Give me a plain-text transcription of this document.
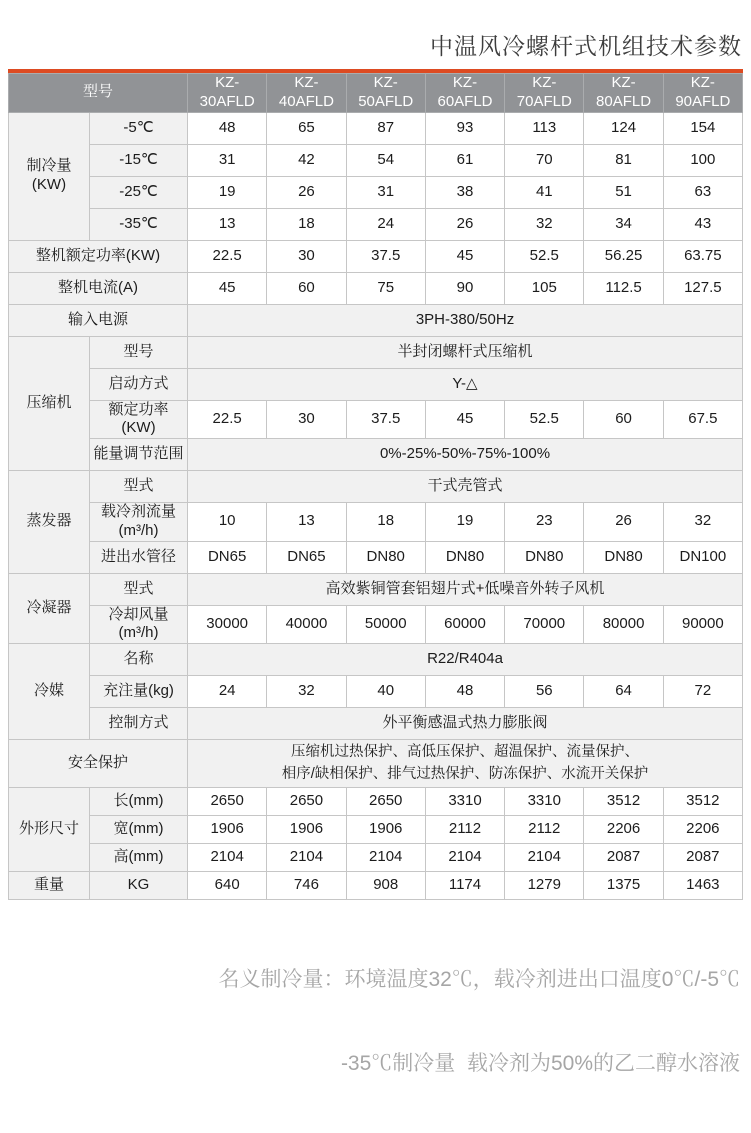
中温风冷螺杆式机组技术参数
型号		KZ-30AFLD	KZ-40AFLD	KZ-50AFLD	KZ-60AFLD	KZ-70AFLD	KZ-80AFLD	KZ-90AFLD
制冷量(KW)	-5℃	48	65	87	93	113	124	154
	-15℃	31	42	54	61	70	81	100
	-25℃	19	26	31	38	41	51	63
	-35℃	13	18	24	26	32	34	43
整机额定功率(KW)		22.5	30	37.5	45	52.5	56.25	63.75
整机电流(A)		45	60	75	90	105	112.5	127.5
输入电源		3PH-380/50Hz						
压缩机	型号	半封闭螺杆式压缩机						
	启动方式	Y-△						
	额定功率(KW)	22.5	30	37.5	45	52.5	60	67.5
	能量调节范围	0%-25%-50%-75%-100%						
蒸发器	型式	干式壳管式						
	载冷剂流量(m³/h)	10	13	18	19	23	26	32
	进出水管径	DN65	DN65	DN80	DN80	DN80	DN80	DN100
冷凝器	型式	高效紫铜管套铝翅片式+低噪音外转子风机						
	冷却风量(m³/h)	30000	40000	50000	60000	70000	80000	90000
冷媒	名称	R22/R404a						
	充注量(kg)	24	32	40	48	56	64	72
	控制方式	外平衡感温式热力膨胀阀						
安全保护		压缩机过热保护、高低压保护、超温保护、流量保护、
相序/缺相保护、排气过热保护、防冻保护、水流开关保护						

外形尺寸	长(mm)	2650	2650	2650	3310	3310	3512	3512
	宽(mm)	1906	1906	1906	2112	2112	2206	2206
	高(mm)	2104	2104	2104	2104	2104	2087	2087
重量	KG	640	746	908	1174	1279	1375	1463

名义制冷量：环境温度32℃，载冷剂进出口温度0℃/-5℃

-35℃制冷量  载冷剂为50%的乙二醇水溶液
